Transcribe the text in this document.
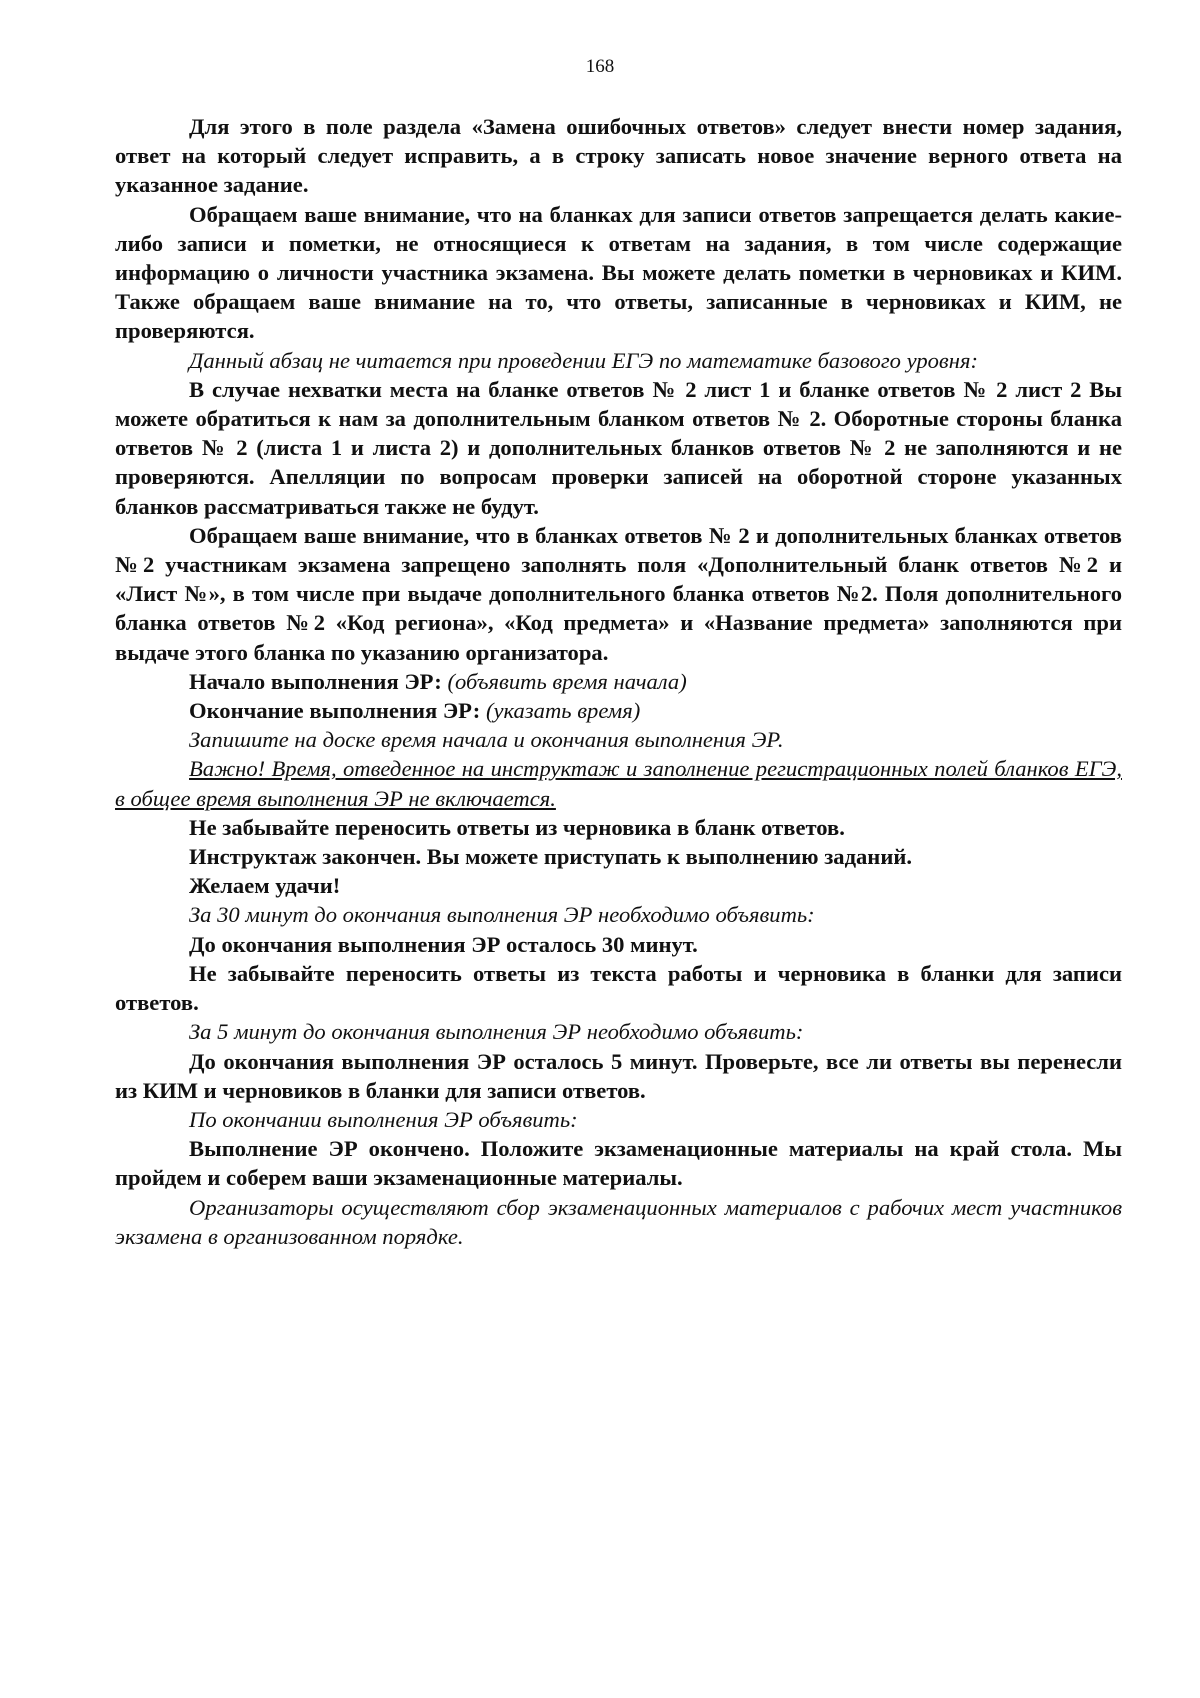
168

Для этого в поле раздела «Замена ошибочных ответов» следует внести номер задания, ответ на который следует исправить, а в строку записать новое значение верного ответа на указанное задание.

Обращаем ваше внимание, что на бланках для записи ответов запрещается делать какие-либо записи и пометки, не относящиеся к ответам на задания, в том числе содержащие информацию о личности участника экзамена. Вы можете делать пометки в черновиках и КИМ. Также обращаем ваше внимание на то, что ответы, записанные в черновиках и КИМ, не проверяются.

Данный абзац не читается при проведении ЕГЭ по математике базового уровня:

В случае нехватки места на бланке ответов № 2 лист 1 и бланке ответов № 2 лист 2 Вы можете обратиться к нам за дополнительным бланком ответов № 2. Оборотные стороны бланка ответов № 2 (листа 1 и листа 2) и дополнительных бланков ответов № 2 не заполняются и не проверяются. Апелляции по вопросам проверки записей на оборотной стороне указанных бланков рассматриваться также не будут.

Обращаем ваше внимание, что в бланках ответов № 2 и дополнительных бланках ответов №2 участникам экзамена запрещено заполнять поля «Дополнительный бланк ответов №2 и «Лист №», в том числе при выдаче дополнительного бланка ответов №2. Поля дополнительного бланка ответов №2 «Код региона», «Код предмета» и «Название предмета» заполняются при выдаче этого бланка по указанию организатора.

Начало выполнения ЭР: (объявить время начала)

Окончание выполнения ЭР: (указать время)

Запишите на доске время начала и окончания выполнения ЭР.

Важно! Время, отведенное на инструктаж и заполнение регистрационных полей бланков ЕГЭ, в общее время выполнения ЭР не включается.

Не забывайте переносить ответы из черновика в бланк ответов.

Инструктаж закончен. Вы можете приступать к выполнению заданий.

Желаем удачи!

За 30 минут до окончания выполнения ЭР необходимо объявить:

До окончания выполнения ЭР осталось 30 минут.

Не забывайте переносить ответы из текста работы и черновика в бланки для записи ответов.

За 5 минут до окончания выполнения ЭР необходимо объявить:

До окончания выполнения ЭР осталось 5 минут. Проверьте, все ли ответы вы перенесли из КИМ и черновиков в бланки для записи ответов.

По окончании выполнения ЭР объявить:

Выполнение ЭР окончено. Положите экзаменационные материалы на край стола. Мы пройдем и соберем ваши экзаменационные материалы.

Организаторы осуществляют сбор экзаменационных материалов с рабочих мест участников экзамена в организованном порядке.
